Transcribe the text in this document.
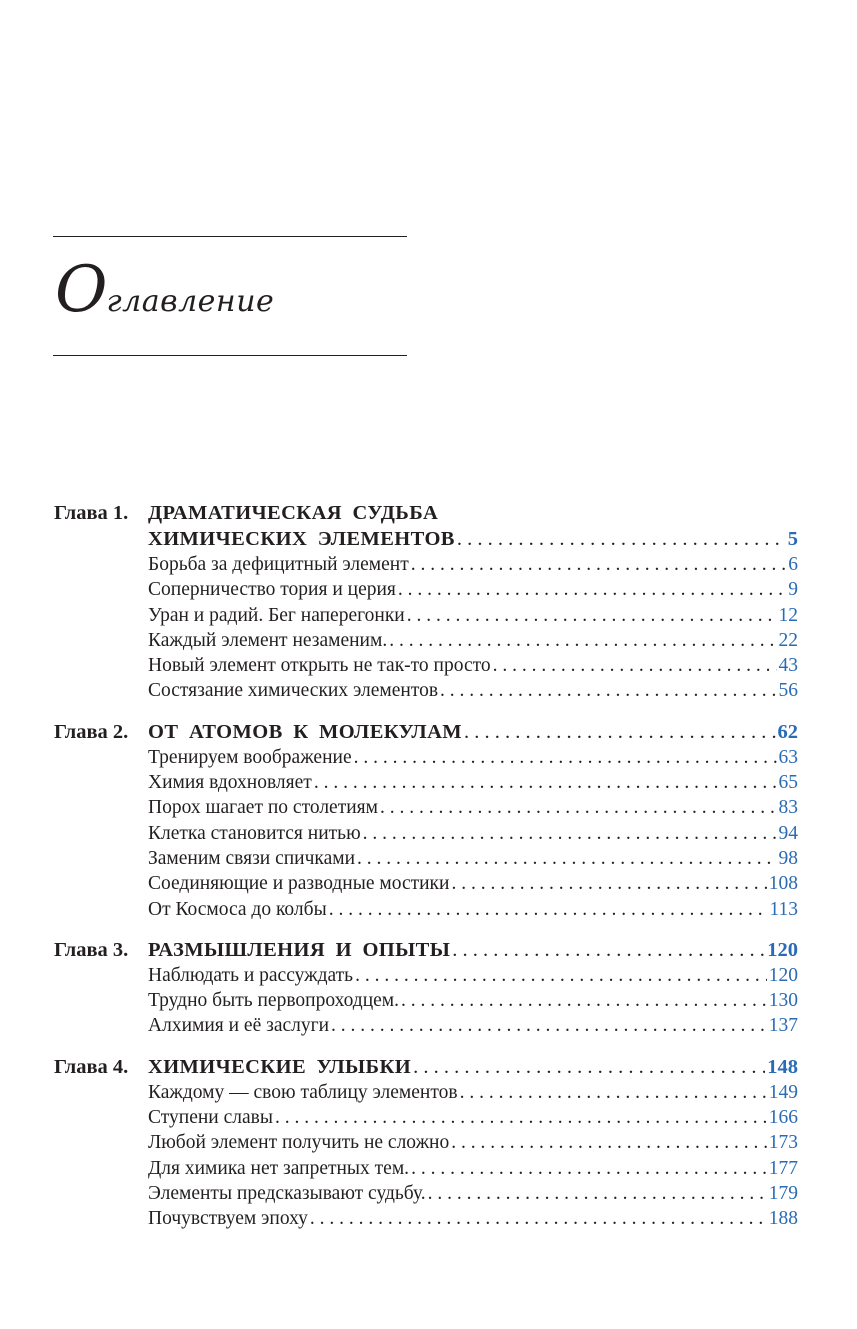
Оглавление
Глава 1. ДРАМАТИЧЕСКАЯ СУДЬБА
ХИМИЧЕСКИХ ЭЛЕМЕНТОВ . . .	5
Борьба за дефицитный элемент . . .	6
Соперничество тория и церия . . .	9
Уран и радий. Бег наперегонки . . .	12
Каждый элемент незаменим. . . .	22
Новый элемент открыть не так-то просто . . .	43
Состязание химических элементов . . .	56
Глава 2. ОТ АТОМОВ К МОЛЕКУЛАМ . . .	62
Тренируем воображение . . .	63
Химия вдохновляет . . .	65
Порох шагает по столетиям . . .	83
Клетка становится нитью . . .	94
Заменим связи спичками . . .	98
Соединяющие и разводные мостики . . .	108
От Космоса до колбы . . .	113
Глава 3. РАЗМЫШЛЕНИЯ И ОПЫТЫ . . .	120
Наблюдать и рассуждать . . .	120
Трудно быть первопроходцем. . . .	130
Алхимия и её заслуги . . .	137
Глава 4. ХИМИЧЕСКИЕ УЛЫБКИ . . .	148
Каждому — свою таблицу элементов . . .	149
Ступени славы . . .	166
Любой элемент получить не сложно . . .	173
Для химика нет запретных тем. . . .	177
Элементы предсказывают судьбу. . . .	179
Почувствуем эпоху . . .	188
